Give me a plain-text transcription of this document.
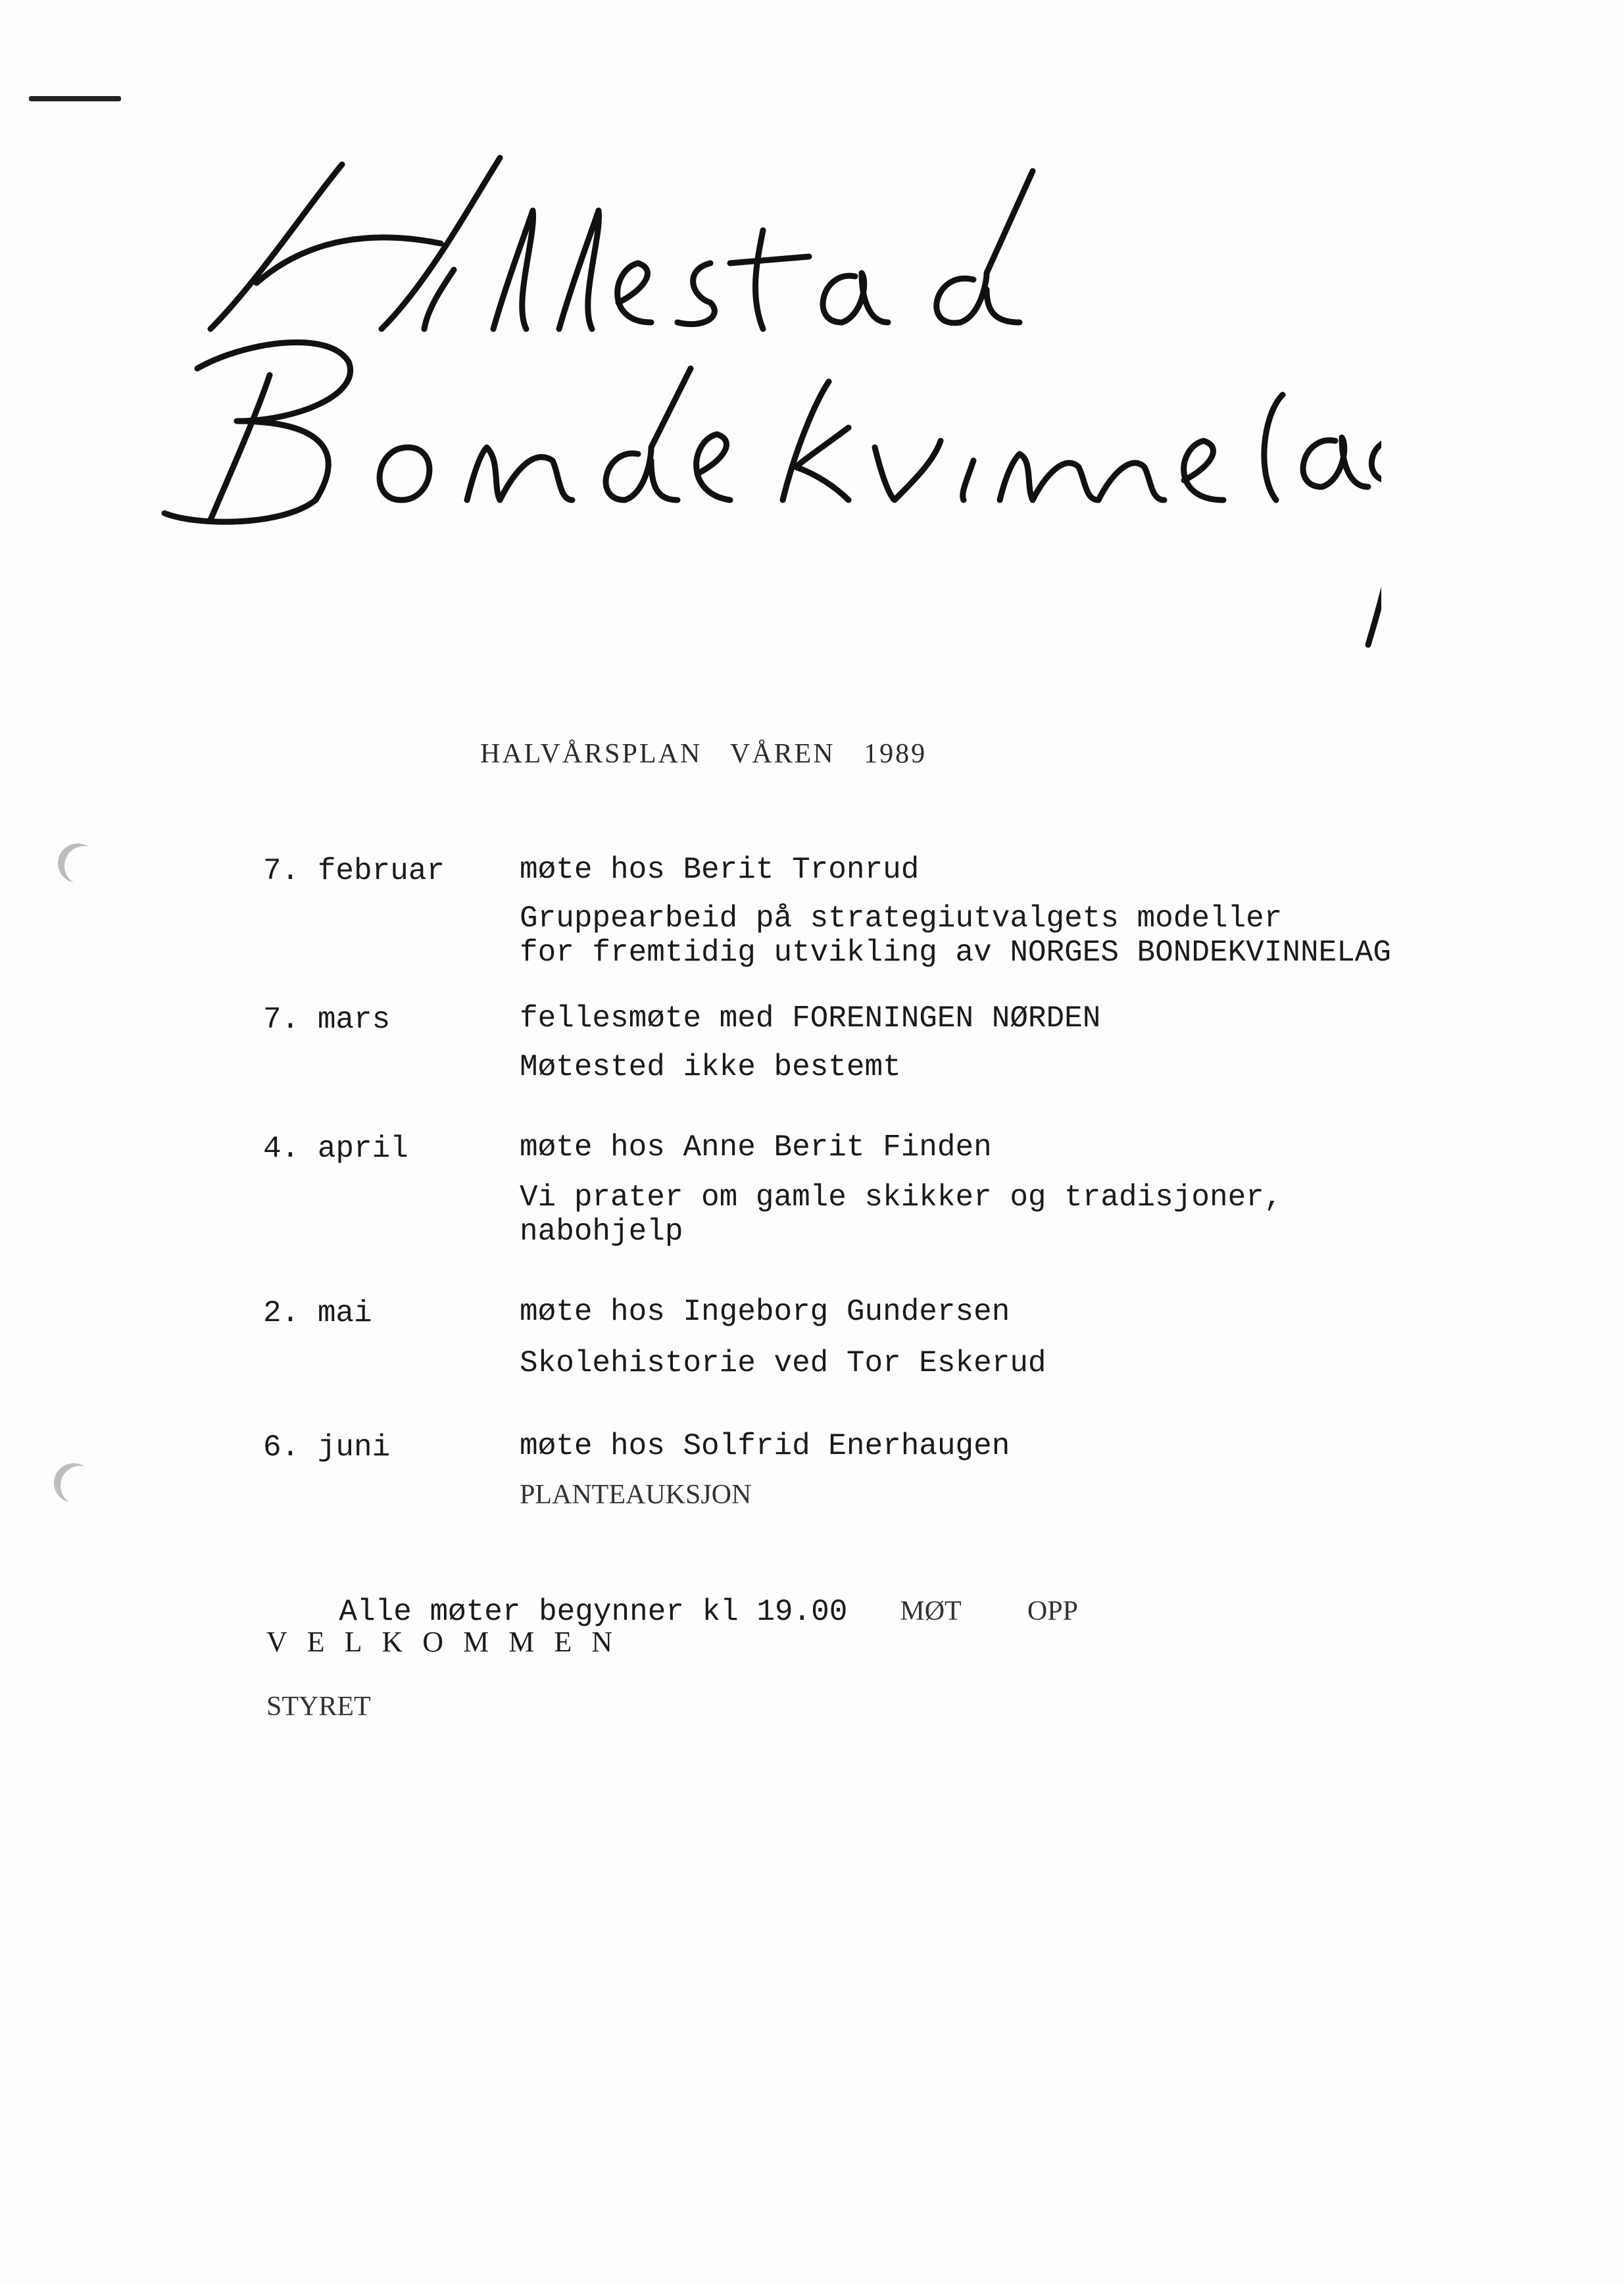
HALVÅRSPLAN VÅREN 1989
7. februar møte hos Berit Tronrud
Gruppearbeid på strategiutvalgets modeller
for fremtidig utvikling av NORGES BONDEKVINNELAG
7. mars	fellesmøte med FORENINGEN NØRDEN
Møtested ikke bestemt
4. april	møte hos Anne Berit Finden
Vi prater om gamle skikker og tradisjoner,
nabohjelp
2. mai	møte hos Ingeborg Gundersen
Skolehistorie ved Tor Eskerud
6. juni	møte hos Solfrid Enerhaugen
PLANTEAUKSJON

Alle møter begynner kl 19.00 MØT  OPP

VELKOMMEN
STYRET
